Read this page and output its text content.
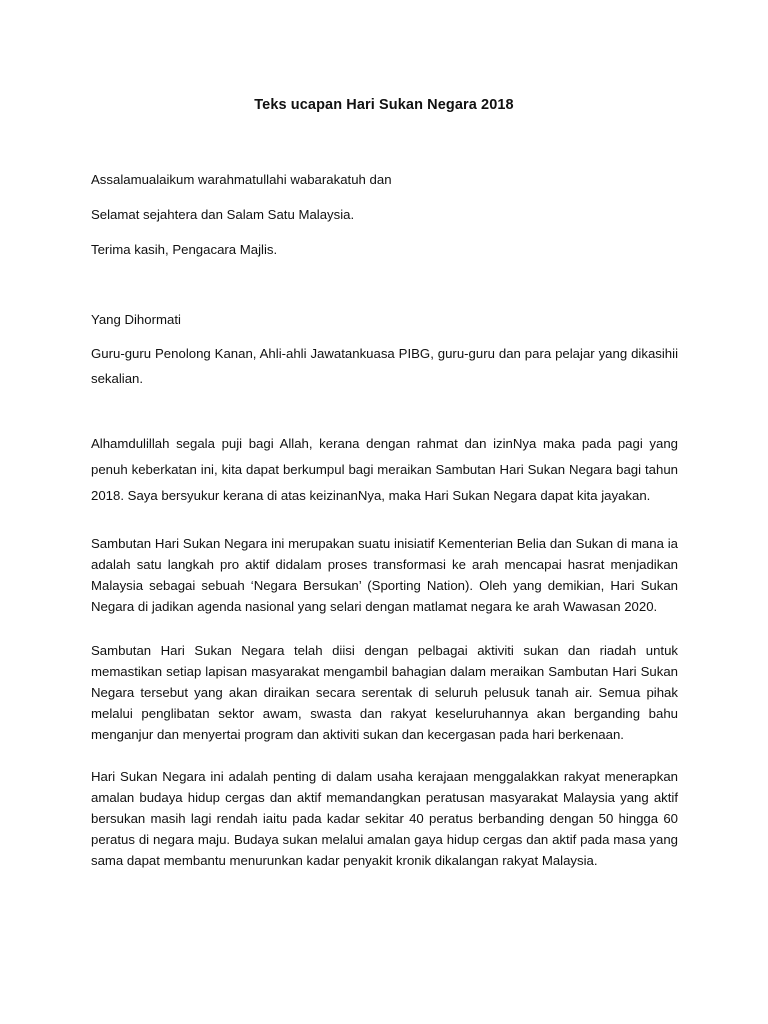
Teks ucapan Hari Sukan Negara 2018
Assalamualaikum warahmatullahi wabarakatuh dan
Selamat sejahtera dan Salam Satu Malaysia.
Terima kasih, Pengacara Majlis.
Yang Dihormati
Guru-guru Penolong Kanan, Ahli-ahli Jawatankuasa PIBG, guru-guru dan para pelajar yang dikasihii sekalian.
Alhamdulillah segala puji bagi Allah, kerana dengan rahmat dan izinNya maka pada pagi yang penuh keberkatan ini, kita dapat berkumpul bagi meraikan Sambutan Hari Sukan Negara bagi tahun 2018. Saya bersyukur kerana di atas keizinanNya, maka Hari Sukan Negara dapat kita jayakan.
Sambutan Hari Sukan Negara ini merupakan suatu inisiatif Kementerian Belia dan Sukan di mana ia adalah satu langkah pro aktif didalam proses transformasi ke arah mencapai hasrat menjadikan Malaysia sebagai sebuah ‘Negara Bersukan’ (Sporting Nation). Oleh yang demikian, Hari Sukan Negara di jadikan agenda nasional yang selari dengan matlamat negara ke arah Wawasan 2020.
Sambutan Hari Sukan Negara telah diisi dengan pelbagai aktiviti sukan dan riadah untuk memastikan setiap lapisan masyarakat mengambil bahagian dalam meraikan Sambutan Hari Sukan Negara tersebut yang akan diraikan secara serentak di seluruh pelusuk tanah air. Semua pihak melalui penglibatan sektor awam, swasta dan rakyat keseluruhannya akan berganding bahu menganjur dan menyertai program dan aktiviti sukan dan kecergasan pada hari berkenaan.
Hari Sukan Negara ini adalah penting di dalam usaha kerajaan menggalakkan rakyat menerapkan amalan budaya hidup cergas dan aktif memandangkan peratusan masyarakat Malaysia yang aktif bersukan masih lagi rendah iaitu pada kadar sekitar 40 peratus berbanding dengan 50 hingga 60 peratus di negara maju. Budaya sukan melalui amalan gaya hidup cergas dan aktif pada masa yang sama dapat membantu menurunkan kadar penyakit kronik dikalangan rakyat Malaysia.
